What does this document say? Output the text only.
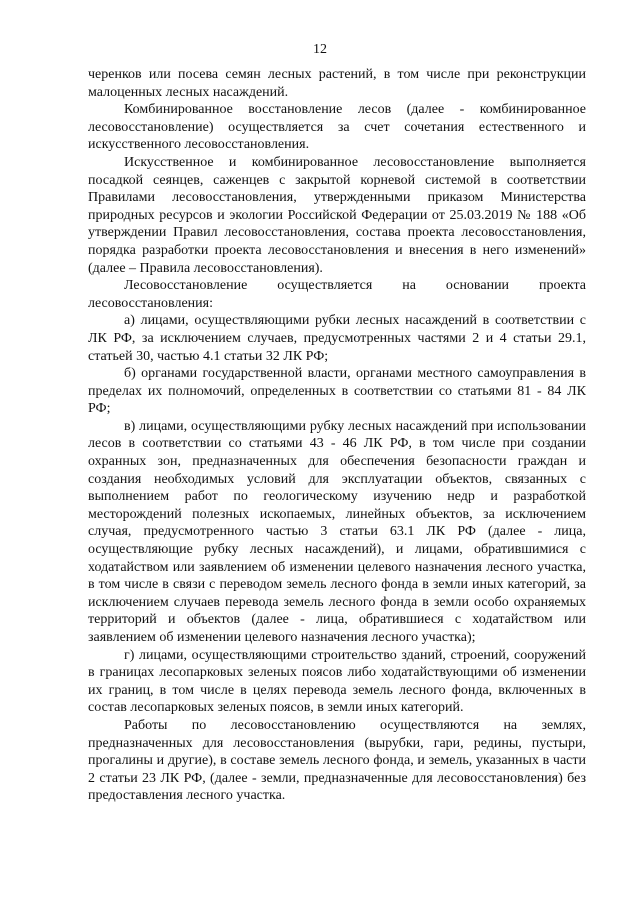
12

черенков или посева семян лесных растений, в том числе при реконструкции малоценных лесных насаждений.

Комбинированное восстановление лесов (далее - комбинированное лесовосстановление) осуществляется за счет сочетания естественного и искусственного лесовосстановления.

Искусственное и комбинированное лесовосстановление выполняется посадкой сеянцев, саженцев с закрытой корневой системой в соответствии Правилами лесовосстановления, утвержденными приказом Министерства природных ресурсов и экологии Российской Федерации от 25.03.2019 № 188 «Об утверждении Правил лесовосстановления, состава проекта лесовосстановления, порядка разработки проекта лесовосстановления и внесения в него изменений» (далее – Правила лесовосстановления).

Лесовосстановление осуществляется на основании проекта лесовосстановления:

а) лицами, осуществляющими рубки лесных насаждений в соответствии с ЛК РФ, за исключением случаев, предусмотренных частями 2 и 4 статьи 29.1, статьей 30, частью 4.1 статьи 32 ЛК РФ;

б) органами государственной власти, органами местного самоуправления в пределах их полномочий, определенных в соответствии со статьями 81 - 84 ЛК РФ;

в) лицами, осуществляющими рубку лесных насаждений при использовании лесов в соответствии со статьями 43 - 46 ЛК РФ, в том числе при создании охранных зон, предназначенных для обеспечения безопасности граждан и создания необходимых условий для эксплуатации объектов, связанных с выполнением работ по геологическому изучению недр и разработкой месторождений полезных ископаемых, линейных объектов, за исключением случая, предусмотренного частью 3 статьи 63.1 ЛК РФ (далее - лица, осуществляющие рубку лесных насаждений), и лицами, обратившимися с ходатайством или заявлением об изменении целевого назначения лесного участка, в том числе в связи с переводом земель лесного фонда в земли иных категорий, за исключением случаев перевода земель лесного фонда в земли особо охраняемых территорий и объектов (далее - лица, обратившиеся с ходатайством или заявлением об изменении целевого назначения лесного участка);

г) лицами, осуществляющими строительство зданий, строений, сооружений в границах лесопарковых зеленых поясов либо ходатайствующими об изменении их границ, в том числе в целях перевода земель лесного фонда, включенных в состав лесопарковых зеленых поясов, в земли иных категорий.

Работы по лесовосстановлению осуществляются на землях, предназначенных для лесовосстановления (вырубки, гари, редины, пустыри, прогалины и другие), в составе земель лесного фонда, и земель, указанных в части 2 статьи 23 ЛК РФ, (далее - земли, предназначенные для лесовосстановления) без предоставления лесного участка.
